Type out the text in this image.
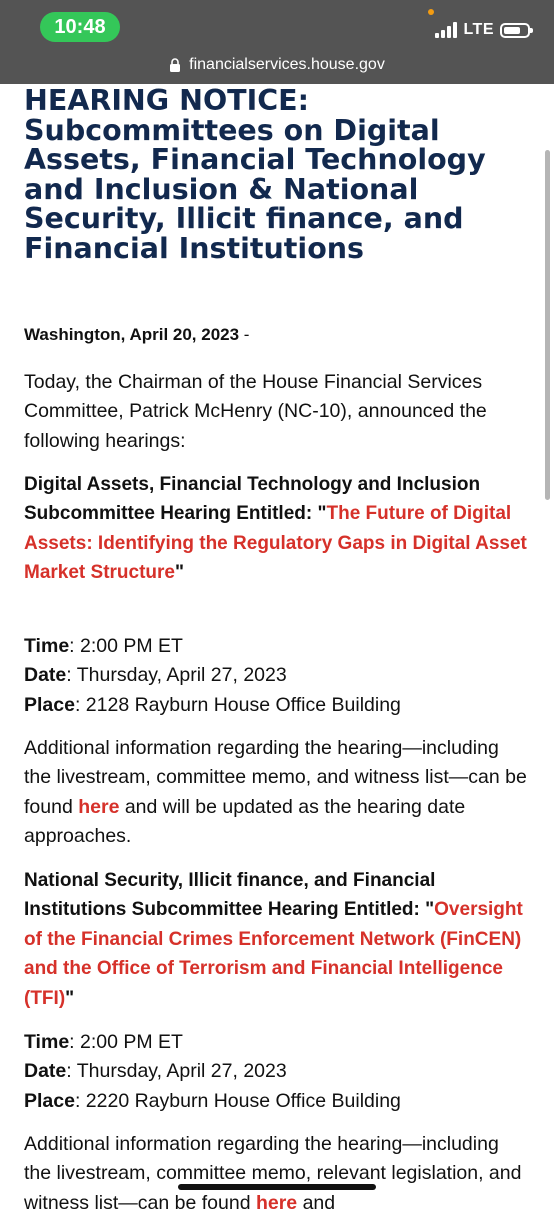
10:48	LTE
financialservices.house.gov
HEARING NOTICE: Subcommittees on Digital Assets, Financial Technology and Inclusion & National Security, Illicit finance, and Financial Institutions

Washington, April 20, 2023 -

Today, the Chairman of the House Financial Services Committee, Patrick McHenry (NC-10), announced the following hearings:

Digital Assets, Financial Technology and Inclusion Subcommittee Hearing Entitled: "The Future of Digital Assets: Identifying the Regulatory Gaps in Digital Asset Market Structure"

Time: 2:00 PM ET

Date: Thursday, April 27, 2023

Place: 2128 Rayburn House Office Building

Additional information regarding the hearing—including the livestream, committee memo, and witness list—can be found here and will be updated as the hearing date approaches.

National Security, Illicit finance, and Financial Institutions Subcommittee Hearing Entitled: "Oversight of the Financial Crimes Enforcement Network (FinCEN) and the Office of Terrorism and Financial Intelligence (TFI)"

Time: 2:00 PM ET

Date: Thursday, April 27, 2023

Place: 2220 Rayburn House Office Building

Additional information regarding the hearing—including the livestream, committee memo, relevant legislation, and witness list—can be found here and
